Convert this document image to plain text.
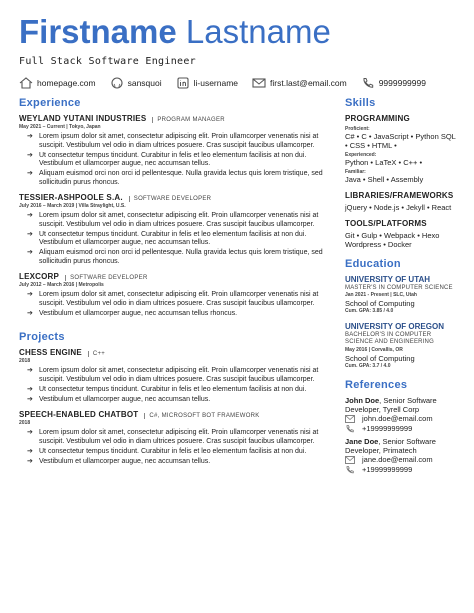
Firstname Lastname
Full Stack Software Engineer
homepage.com	sansquoi	li-username	first.last@email.com	9999999999
Experience
WEYLAND YUTANI INDUSTRIES	PROGRAM MANAGER
May 2021 – Current | Tokyo, Japan
➔ Lorem ipsum dolor sit amet, consectetur adipiscing elit. Proin ullamcorper venenatis nisi at suscipit. Vestibulum vel odio in diam ultrices posuere. Cras suscipit faucibus ullamcorper.
➔ Ut consectetur tempus tincidunt. Curabitur in felis et leo elementum facilisis at non dui. Vestibulum et ullamcorper augue, nec accumsan tellus.
➔ Aliquam euismod orci non orci id pellentesque. Nulla gravida lectus quis lorem tristique, sed sollicitudin purus rhoncus.
TESSIER-ASHPOOLE S.A.	SOFTWARE DEVELOPER
July 2016 – March 2019 | Villa Straylight, U.S.
➔ Lorem ipsum dolor sit amet, consectetur adipiscing elit. Proin ullamcorper venenatis nisi at suscipit. Vestibulum vel odio in diam ultrices posuere. Cras suscipit faucibus ullamcorper.
➔ Ut consectetur tempus tincidunt. Curabitur in felis et leo elementum facilisis at non dui. Vestibulum et ullamcorper augue, nec accumsan tellus.
➔ Aliquam euismod orci non orci id pellentesque. Nulla gravida lectus quis lorem tristique, sed sollicitudin purus rhoncus.
LEXCORP	SOFTWARE DEVELOPER
July 2012 – March 2016 | Metropolis
➔ Lorem ipsum dolor sit amet, consectetur adipiscing elit. Proin ullamcorper venenatis nisi at suscipit. Vestibulum vel odio in diam ultrices posuere. Cras suscipit faucibus ullamcorper.
➔ Vestibulum et ullamcorper augue, nec accumsan tellus rhoncus.
Projects
CHESS ENGINE	C++
2018
➔ Lorem ipsum dolor sit amet, consectetur adipiscing elit. Proin ullamcorper venenatis nisi at suscipit. Vestibulum vel odio in diam ultrices posuere. Cras suscipit faucibus ullamcorper.
➔ Ut consectetur tempus tincidunt. Curabitur in felis et leo elementum facilisis at non dui.
➔ Vestibulum et ullamcorper augue, nec accumsan tellus.
SPEECH-ENABLED CHATBOT	C#, MICROSOFT BOT FRAMEWORK
2018
➔ Lorem ipsum dolor sit amet, consectetur adipiscing elit. Proin ullamcorper venenatis nisi at suscipit. Vestibulum vel odio in diam ultrices posuere. Cras suscipit faucibus ullamcorper.
➔ Ut consectetur tempus tincidunt. Curabitur in felis et leo elementum facilisis at non dui.
➔ Vestibulum et ullamcorper augue, nec accumsan tellus.
Skills
PROGRAMMING
Proficient:
C# • C • JavaScript • Python SQL • CSS • HTML •
Experienced:
Python • LaTeX • C++ •
Familiar:
Java • Shell • Assembly
LIBRARIES/FRAMEWORKS
jQuery • Node.js • Jekyll • React
TOOLS/PLATFORMS
Git • Gulp • Webpack • Hexo Wordpress • Docker
Education
UNIVERSITY OF UTAH
MASTER'S IN COMPUTER SCIENCE
Jan 2021 - Present | SLC, Utah
School of Computing
Cum. GPA: 3.85 / 4.0
UNIVERSITY OF OREGON
BACHELOR'S IN COMPUTER SCIENCE AND ENGINEERING
May 2016 | Corvallis, OR
School of Computing
Cum. GPA: 3.7 / 4.0
References
John Doe, Senior Software Developer, Tyrell Corp
john.doe@email.com
+19999999999
Jane Doe, Senior Software Developer, Primatech
jane.doe@email.com
+19999999999
